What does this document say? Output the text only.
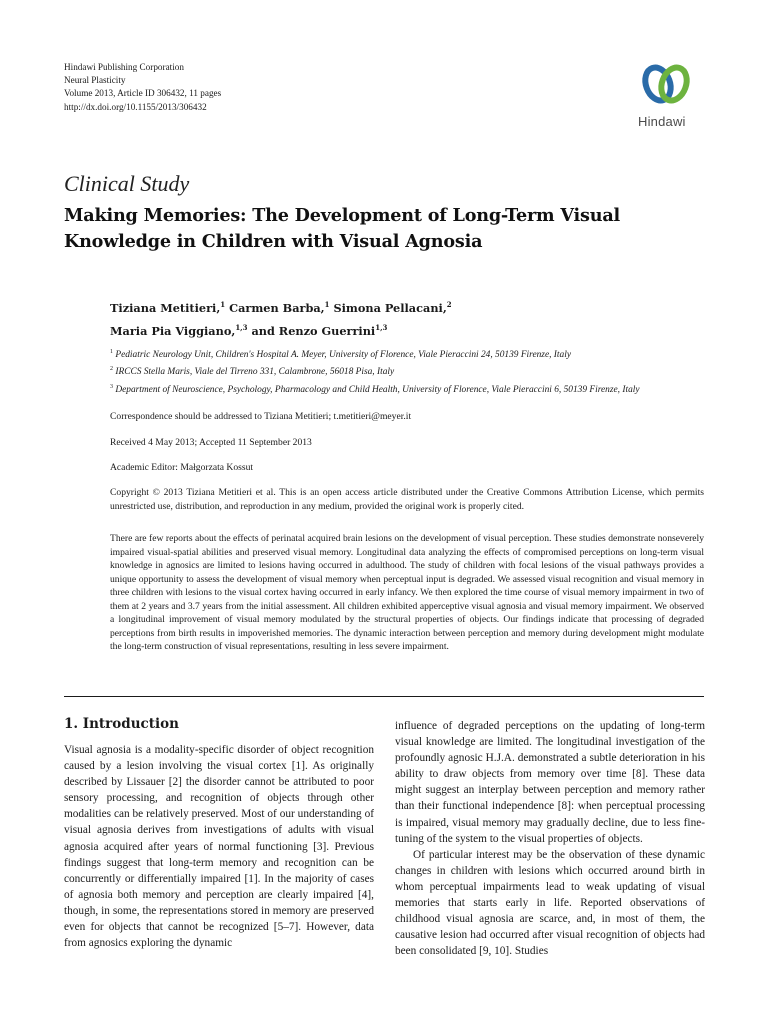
Hindawi Publishing Corporation
Neural Plasticity
Volume 2013, Article ID 306432, 11 pages
http://dx.doi.org/10.1155/2013/306432
Hindawi
Clinical Study
Making Memories: The Development of Long-Term Visual Knowledge in Children with Visual Agnosia
Tiziana Metitieri,$^1$ Carmen Barba,$^1$ Simona Pellacani,$^2$
Maria Pia Viggiano,$^{1,3}$ and Renzo Guerrini$^{1,3}$
$^1$ Pediatric Neurology Unit, Children's Hospital A. Meyer, University of Florence, Viale Pieraccini 24, 50139 Firenze, Italy
$^2$ IRCCS Stella Maris, Viale del Tirreno 331, Calambrone, 56018 Pisa, Italy
$^3$ Department of Neuroscience, Psychology, Pharmacology and Child Health, University of Florence, Viale Pieraccini 6, 50139 Firenze, Italy
Correspondence should be addressed to Tiziana Metitieri; t.metitieri@meyer.it
Received 4 May 2013; Accepted 11 September 2013
Academic Editor: Małgorzata Kossut
Copyright © 2013 Tiziana Metitieri et al. This is an open access article distributed under the Creative Commons Attribution License, which permits unrestricted use, distribution, and reproduction in any medium, provided the original work is properly cited.
There are few reports about the effects of perinatal acquired brain lesions on the development of visual perception. These studies demonstrate nonseverely impaired visual-spatial abilities and preserved visual memory. Longitudinal data analyzing the effects of compromised perceptions on long-term visual knowledge in agnosics are limited to lesions having occurred in adulthood. The study of children with focal lesions of the visual pathways provides a unique opportunity to assess the development of visual memory when perceptual input is degraded. We assessed visual recognition and visual memory in three children with lesions to the visual cortex having occurred in early infancy. We then explored the time course of visual memory impairment in two of them at 2 years and 3.7 years from the initial assessment. All children exhibited apperceptive visual agnosia and visual memory impairment. We observed a longitudinal improvement of visual memory modulated by the structural properties of objects. Our findings indicate that processing of degraded perceptions from birth results in impoverished memories. The dynamic interaction between perception and memory during development might modulate the long-term construction of visual representations, resulting in less severe impairment.
1. Introduction

Visual agnosia is a modality-specific disorder of object recognition caused by a lesion involving the visual cortex [1]. As originally described by Lissauer [2] the disorder cannot be attributed to poor sensory processing, and recognition of objects through other modalities can be relatively preserved. Most of our understanding of visual agnosia derives from investigations of adults with visual agnosia acquired after years of normal functioning [3]. Previous findings suggest that long-term memory and recognition can be concurrently or differentially impaired [1]. In the majority of cases of agnosia both memory and perception are clearly impaired [4], though, in some, the representations stored in memory are preserved even for objects that cannot be recognized [5–7]. However, data from agnosics exploring the dynamic

influence of degraded perceptions on the updating of long-term visual knowledge are limited. The longitudinal investigation of the profoundly agnosic H.J.A. demonstrated a subtle deterioration in his ability to draw objects from memory over time [8]. These data might suggest an interplay between perception and memory rather than their functional independence [8]: when perceptual processing is impaired, visual memory may gradually decline, due to less fine-tuning of the system to the visual properties of objects.

Of particular interest may be the observation of these dynamic changes in children with lesions which occurred around birth in whom perceptual impairments lead to weak updating of visual memories that starts early in life. Reported observations of childhood visual agnosia are scarce, and, in most of them, the causative lesion had occurred after visual recognition of objects had been consolidated [9, 10]. Studies
